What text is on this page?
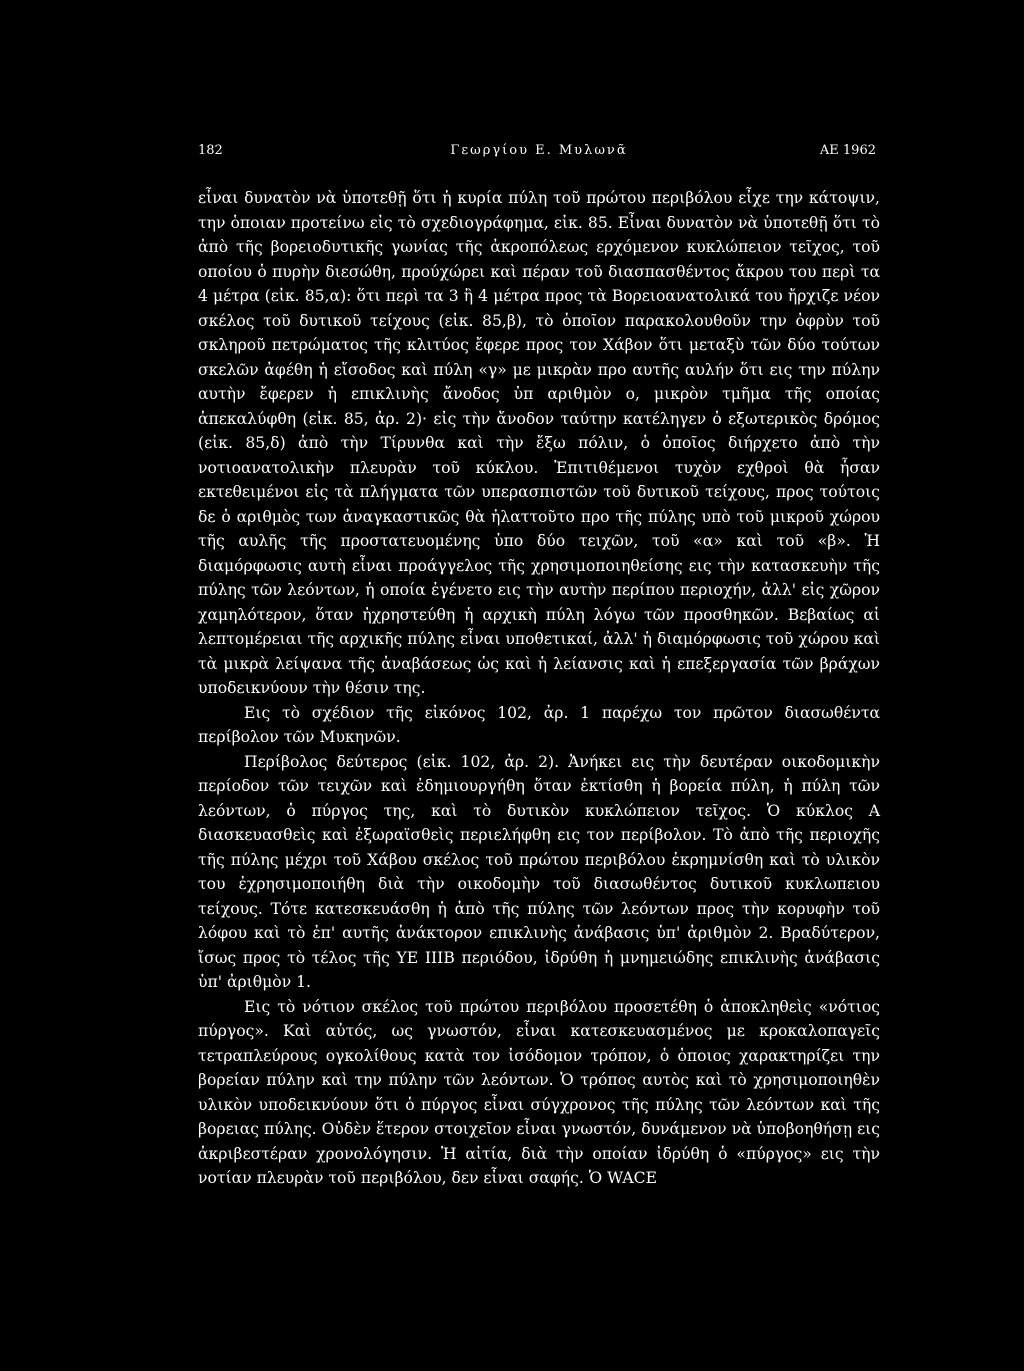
182	Γεωργίου Ε. Μυλωνᾶ	ΑΕ 1962

εἶναι δυνατὸν νὰ ὑποτεθῇ ὅτι ἡ κυρία πύλη τοῦ πρώτου περιβόλου εἶχε την κάτοψιν, την ὁποιαν προτείνω εἰς τὸ σχεδιογράφημα, εἰκ. 85. Εἶναι δυνατὸν νὰ ὑποτεθῇ ὅτι τὸ ἀπὸ τῆς βορειοδυτικῆς γωνίας τῆς ἀκροπόλεως ερχόμενον κυκλώπειον τεῖχος, τοῦ οποίου ὁ πυρὴν διεσώθη, προύχώρει καὶ πέραν τοῦ διασπασθέντος ἄκρου του περὶ τα 4 μέτρα (εἰκ. 85,α): ὅτι περὶ τα 3 ἢ 4 μέτρα προς τὰ Βορειοανατολικά του ἤρχιζε νέον σκέλος τοῦ δυτικοῦ τείχους (εἰκ. 85,β), τὸ ὁποῖον παρακολουθοῦν την ὀφρὺν τοῦ σκληροῦ πετρώματος τῆς κλιτύος ἔφερε προς τον Χάβον ὅτι μεταξὺ τῶν δύο τούτων σκελῶν ἀφέθη ἡ εἴσοδος καὶ πύλη «γ» με μικρὰν προ αυτῆς αυλήν ὅτι εις την πύλην αυτὴν ἔφερεν ἡ επικλινὴς ἄνοδος ὑπ αριθμὸν ο, μικρὸν τμῆμα τῆς οποίας ἀπεκαλύφθη (εἰκ. 85, ἀρ. 2)· εἰς τὴν ἄνοδον ταύτην κατέληγεν ὁ εξωτερικὸς δρόμος (εἰκ. 85,δ) ἀπὸ τὴν Τίρυνθα καὶ τὴν ἔξω πόλιν, ὁ ὁποῖος διήρχετο ἀπὸ τὴν νοτιοανατολικὴν πλευρὰν τοῦ κύκλου. Ἐπιτιθέμενοι τυχὸν εχθροὶ θὰ ἦσαν εκτεθειμένοι εἰς τὰ πλήγματα τῶν υπερασπιστῶν τοῦ δυτικοῦ τείχους, προς τούτοις δε ὁ αριθμὸς των ἀναγκαστικῶς θὰ ἠλαττοῦτο προ τῆς πύλης υπὸ τοῦ μικροῦ χώρου τῆς αυλῆς τῆς προστατευομένης ὑπο δύο τειχῶν, τοῦ «α» καὶ τοῦ «β». Ἡ διαμόρφωσις αυτὴ εἶναι προάγγελος τῆς χρησιμοποιηθείσης εις τὴν κατασκευὴν τῆς πύλης τῶν λεόντων, ἡ οποία ἐγένετο εις τὴν αυτὴν περίπου περιοχήν, ἀλλ' εἰς χῶρον χαμηλότερον, ὅταν ἠχρηστεύθη ἡ αρχικὴ πύλη λόγω τῶν προσθηκῶν. Βεβαίως αἱ λεπτομέρειαι τῆς αρχικῆς πύλης εἶναι υποθετικαί, ἀλλ' ἡ διαμόρφωσις τοῦ χώρου καὶ τὰ μικρὰ λείψανα τῆς ἀναβάσεως ὡς καὶ ἡ λείανσις καὶ ἡ επεξεργασία τῶν βράχων υποδεικνύουν τὴν θέσιν της.

Εις τὸ σχέδιον τῆς εἰκόνος 102, ἀρ. 1 παρέχω τον πρῶτον διασωθέντα περίβολον τῶν Μυκηνῶν.

Περίβολος δεύτερος (εἰκ. 102, ἀρ. 2). Ἀνήκει εις τὴν δευτέραν οικοδομικὴν περίοδον τῶν τειχῶν καὶ ἐδημιουργήθη ὅταν ἐκτίσθη ἡ βορεία πύλη, ἡ πύλη τῶν λεόντων, ὁ πύργος της, καὶ τὸ δυτικὸν κυκλώπειον τεῖχος. Ὁ κύκλος Α διασκευασθεὶς καὶ ἐξωραϊσθεὶς περιελήφθη εις τον περίβολον. Τὸ ἀπὸ τῆς περιοχῆς τῆς πύλης μέχρι τοῦ Χάβου σκέλος τοῦ πρώτου περιβόλου ἐκρημνίσθη καὶ τὸ υλικὸν του ἐχρησιμοποιήθη διὰ τὴν οικοδομὴν τοῦ διασωθέντος δυτικοῦ κυκλωπειου τείχους. Τότε κατεσκευάσθη ἡ ἀπὸ τῆς πύλης τῶν λεόντων προς τὴν κορυφὴν τοῦ λόφου καὶ τὸ ἐπ' αυτῆς ἀνάκτορον επικλινὴς ἀνάβασις ὑπ' ἀριθμὸν 2. Βραδύτερον, ἴσως προς τὸ τέλος τῆς ΥΕ ΙΙΙΒ περιόδου, ἱδρύθη ἡ μνημειώδης επικλινὴς ἀνάβασις ὑπ' ἀριθμὸν 1.

Εις τὸ νότιον σκέλος τοῦ πρώτου περιβόλου προσετέθη ὁ ἀποκληθεὶς «νότιος πύργος». Καὶ αὐτός, ως γνωστόν, εἶναι κατεσκευασμένος με κροκαλοπαγεῖς τετραπλεύρους ογκολίθους κατὰ τον ἰσόδομον τρόπον, ὁ ὁποιος χαρακτηρίζει την βορείαν πύλην καὶ την πύλην τῶν λεόντων. Ὁ τρόπος αυτὸς καὶ τὸ χρησιμοποιηθὲν υλικὸν υποδεικνύουν ὅτι ὁ πύργος εἶναι σύγχρονος τῆς πύλης τῶν λεόντων καὶ τῆς βορειας πύλης. Οὐδὲν ἕτερον στοιχεῖον εἶναι γνωστόν, δυνάμενον νὰ ὑποβοηθήσῃ εις ἀκριβεστέραν χρονολόγησιν. Ἡ αἰτία, διὰ τὴν οποίαν ἱδρύθη ὁ «πύργος» εις τὴν νοτίαν πλευρὰν τοῦ περιβόλου, δεν εἶναι σαφής. Ὁ WACE
